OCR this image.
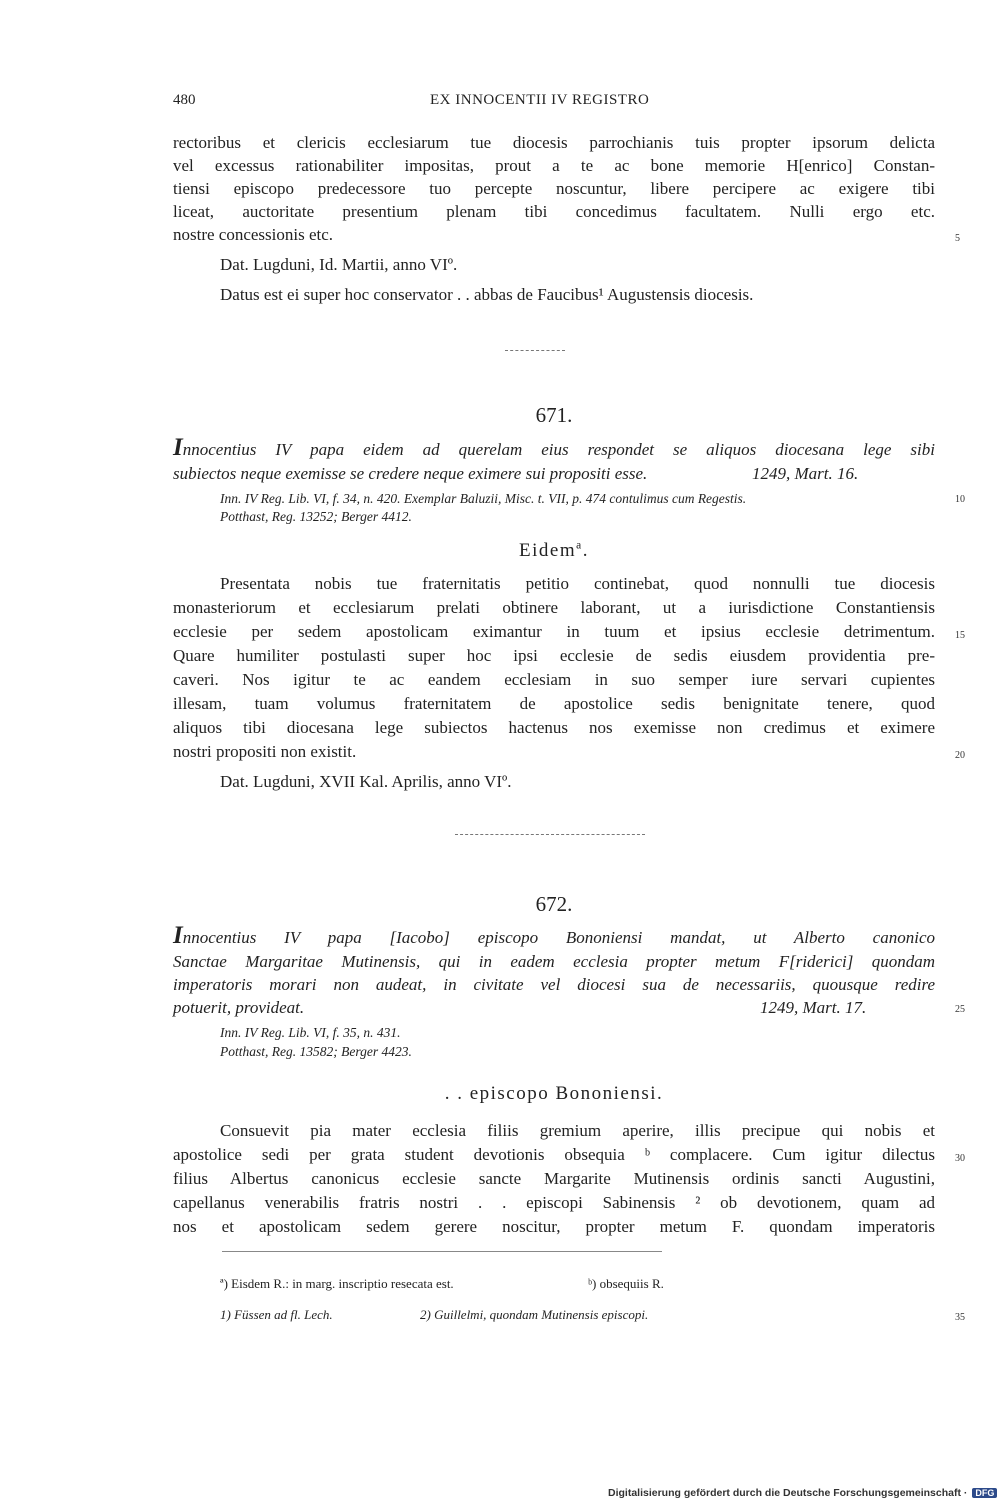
480	EX INNOCENTII IV REGISTRO
rectoribus et clericis ecclesiarum tue diocesis parrochianis tuis propter ipsorum delicta
vel excessus rationabiliter impositas, prout a te ac bone memorie H[enrico] Constan-
tiensi episcopo predecessore tuo percepte noscuntur, libere percipere ac exigere tibi
liceat, auctoritate presentium plenam tibi concedimus facultatem. Nulli ergo etc.
nostre concessionis etc.	5
Dat. Lugduni, Id. Martii, anno VIº.
Datus est ei super hoc conservator . . abbas de Faucibus¹ Augustensis diocesis.
671.
Innocentius IV papa eidem ad querelam eius respondet se aliquos diocesana lege sibi
subiectos neque exemisse se credere neque eximere sui propositi esse.	1249, Mart. 16.
Inn. IV Reg. Lib. VI, f. 34, n. 420. Exemplar Baluzii, Misc. t. VII, p. 474 contulimus cum Regestis.	10
Potthast, Reg. 13252; Berger 4412.
Eidem$^a$.
Presentata nobis tue fraternitatis petitio continebat, quod nonnulli tue diocesis
monasteriorum et ecclesiarum prelati obtinere laborant, ut a iurisdictione Constantiensis
ecclesie per sedem apostolicam eximantur in tuum et ipsius ecclesie detrimentum. 15
Quare humiliter postulasti super hoc ipsi ecclesie de sedis eiusdem providentia pre-
caveri. Nos igitur te ac eandem ecclesiam in suo semper iure servari cupientes
illesam, tuam volumus fraternitatem de apostolice sedis benignitate tenere, quod
aliquos tibi diocesana lege subiectos hactenus nos exemisse non credimus et eximere
nostri propositi non existit.	20
Dat. Lugduni, XVII Kal. Aprilis, anno VIº.
672.
Innocentius IV papa [Iacobo] episcopo Bononiensi mandat, ut Alberto canonico
Sanctae Margaritae Mutinensis, qui in eadem ecclesia propter metum F[riderici] quondam
imperatoris morari non audeat, in civitate vel diocesi sua de necessariis, quousque redire
potuerit, provideat.	1249, Mart. 17.	25
Inn. IV Reg. Lib. VI, f. 35, n. 431.
Potthast, Reg. 13582; Berger 4423.
. . episcopo Bononiensi.
Consuevit pia mater ecclesia filiis gremium aperire, illis precipue qui nobis et
apostolice sedi per grata student devotionis obsequia ᵇ complacere. Cum igitur dilectus 30
filius Albertus canonicus ecclesie sancte Margarite Mutinensis ordinis sancti Augustini,
capellanus venerabilis fratris nostri . . episcopi Sabinensis ² ob devotionem, quam ad
nos et apostolicam sedem gerere noscitur, propter metum F. quondam imperatoris
ª) Eisdem R.: in marg. inscriptio resecata est.	ᵇ) obsequiis R.
1) Füssen ad fl. Lech.	2) Guillelmi, quondam Mutinensis episcopi.	35
Digitalisierung gefördert durch die Deutsche Forschungsgemeinschaft · DFG
